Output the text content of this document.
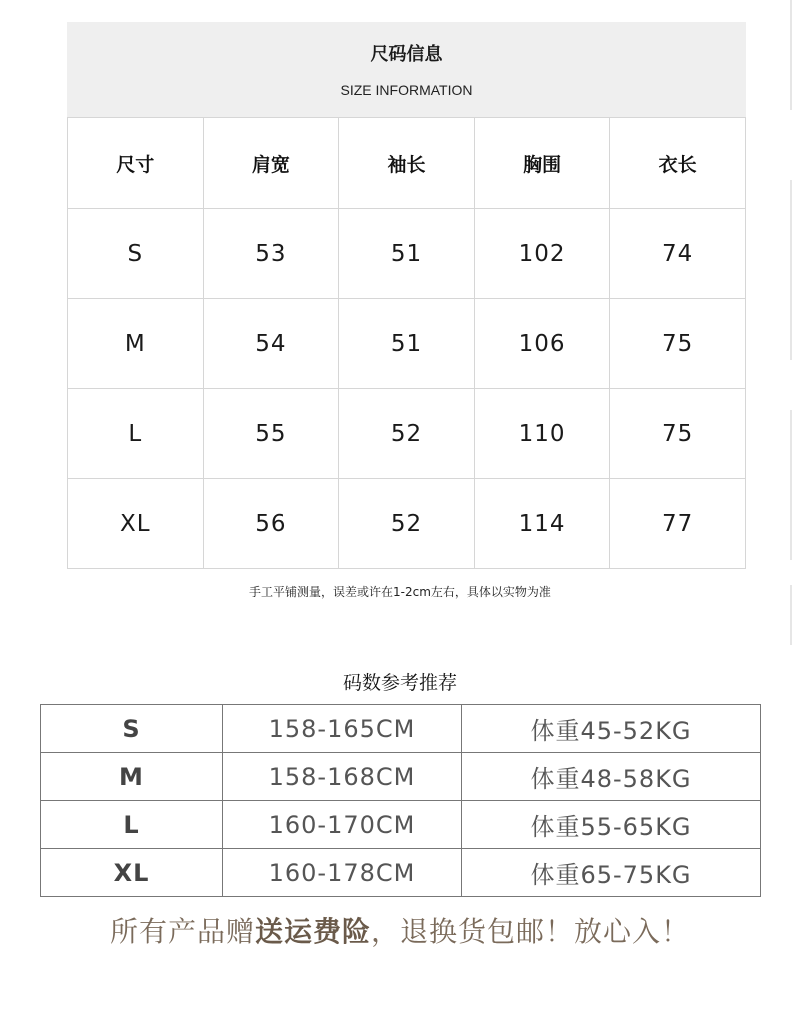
尺码信息
SIZE INFORMATION
尺寸	肩宽	袖长	胸围	衣长
S	53	51	102	74
M	54	51	106	75
L	55	52	110	75
XL	56	52	114	77
手工平铺测量，误差或许在1-2cm左右，具体以实物为准
码数参考推荐
S	158-165CM	体重45-52KG
M	158-168CM	体重48-58KG
L	160-170CM	体重55-65KG
XL	160-178CM	体重65-75KG
所有产品赠送运费险，退换货包邮！放心入！
